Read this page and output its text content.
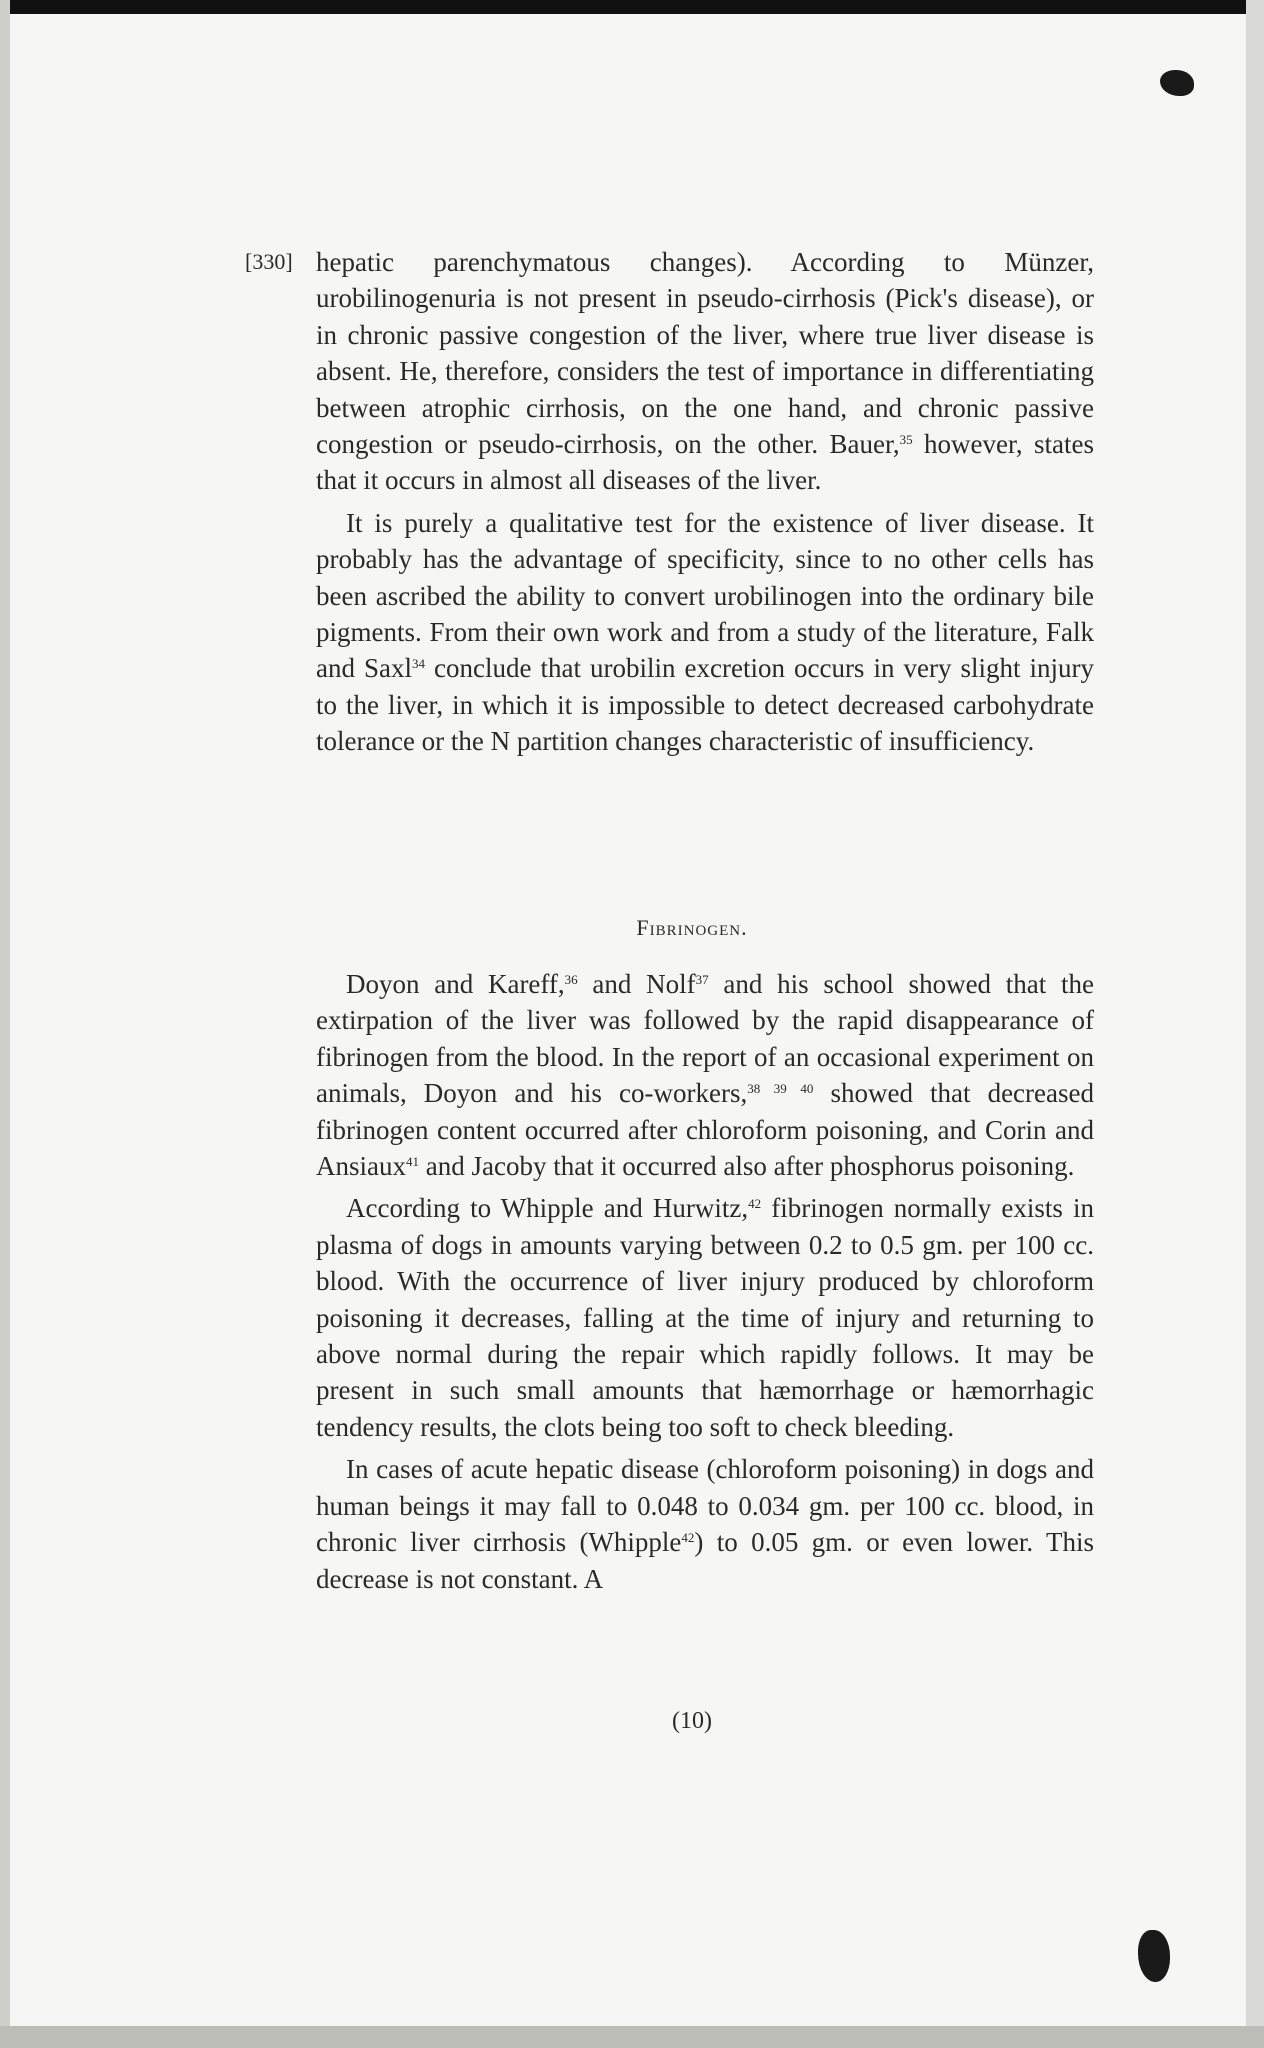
[330] hepatic parenchymatous changes). According to Münzer, urobilinogenuria is not present in pseudo-cirrhosis (Pick's disease), or in chronic passive congestion of the liver, where true liver disease is absent. He, therefore, considers the test of importance in differentiating between atrophic cirrhosis, on the one hand, and chronic passive congestion or pseudo-cirrhosis, on the other. Bauer,$^{35}$ however, states that it occurs in almost all diseases of the liver.

It is purely a qualitative test for the existence of liver disease. It probably has the advantage of specificity, since to no other cells has been ascribed the ability to convert urobilinogen into the ordinary bile pigments. From their own work and from a study of the literature, Falk and Saxl$^{34}$ conclude that urobilin excretion occurs in very slight injury to the liver, in which it is impossible to detect decreased carbohydrate tolerance or the N partition changes characteristic of insufficiency.

Fibrinogen.

Doyon and Kareff,$^{36}$ and Nolf$^{37}$ and his school showed that the extirpation of the liver was followed by the rapid disappearance of fibrinogen from the blood. In the report of an occasional experiment on animals, Doyon and his co-workers,$^{38 39 40}$ showed that decreased fibrinogen content occurred after chloroform poisoning, and Corin and Ansiaux$^{41}$ and Jacoby that it occurred also after phosphorus poisoning.

According to Whipple and Hurwitz,$^{42}$ fibrinogen normally exists in plasma of dogs in amounts varying between 0.2 to 0.5 gm. per 100 cc. blood. With the occurrence of liver injury produced by chloroform poisoning it decreases, falling at the time of injury and returning to above normal during the repair which rapidly follows. It may be present in such small amounts that hæmorrhage or hæmorrhagic tendency results, the clots being too soft to check bleeding.

In cases of acute hepatic disease (chloroform poisoning) in dogs and human beings it may fall to 0.048 to 0.034 gm. per 100 cc. blood, in chronic liver cirrhosis (Whipple$^{42}$) to 0.05 gm. or even lower. This decrease is not constant. A

(10)
